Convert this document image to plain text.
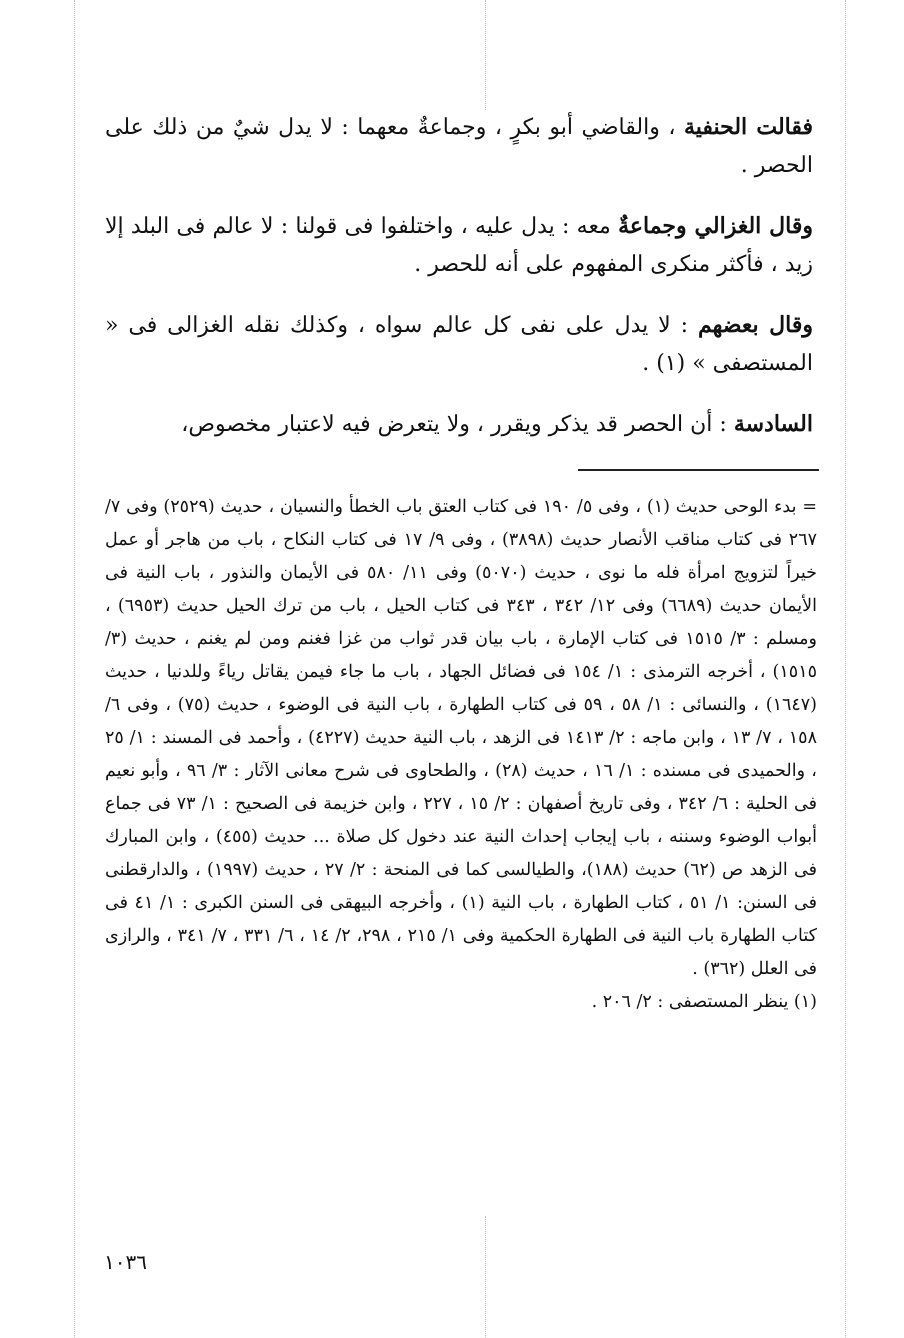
فقالت الحنفية ، والقاضي أبو بكرٍ ، وجماعةٌ معهما : لا يدل شيٌ من ذلك على الحصر .

وقال الغزالي وجماعةٌ معه : يدل عليه ، واختلفوا فى قولنا : لا عالم فى البلد إلا زيد ، فأكثر منكرى المفهوم على أنه للحصر .

وقال بعضهم : لا يدل على نفى كل عالم سواه ، وكذلك نقله الغزالى فى « المستصفى » (١) .

السادسة : أن الحصر قد يذكر ويقرر ، ولا يتعرض فيه لاعتبار مخصوص،

= بدء الوحى حديث (١) ، وفى ٥/ ١٩٠ فى كتاب العتق باب الخطأ والنسيان ، حديث (٢٥٢٩) وفى ٧/ ٢٦٧ فى كتاب مناقب الأنصار حديث (٣٨٩٨) ، وفى ٩/ ١٧ فى كتاب النكاح ، باب من هاجر أو عمل خيراً لتزويج امرأة فله ما نوى ، حديث (٥٠٧٠) وفى ١١/ ٥٨٠ فى الأيمان والنذور ، باب النية فى الأيمان حديث (٦٦٨٩) وفى ١٢/ ٣٤٢ ، ٣٤٣ فى كتاب الحيل ، باب من ترك الحيل حديث (٦٩٥٣) ، ومسلم : ٣/ ١٥١٥ فى كتاب الإمارة ، باب بيان قدر ثواب من غزا فغنم ومن لم يغنم ، حديث (٣/ ١٥١٥) ، أخرجه الترمذى : ١/ ١٥٤ فى فضائل الجهاد ، باب ما جاء فيمن يقاتل رياءً وللدنيا ، حديث (١٦٤٧) ، والنسائى : ١/ ٥٨ ، ٥٩ فى كتاب الطهارة ، باب النية فى الوضوء ، حديث (٧٥) ، وفى ٦/ ١٥٨ ، ٧/ ١٣ ، وابن ماجه : ٢/ ١٤١٣ فى الزهد ، باب النية حديث (٤٢٢٧) ، وأحمد فى المسند : ١/ ٢٥ ، والحميدى فى مسنده : ١/ ١٦ ، حديث (٢٨) ، والطحاوى فى شرح معانى الآثار : ٣/ ٩٦ ، وأبو نعيم فى الحلية : ٦/ ٣٤٢ ، وفى تاريخ أصفهان : ٢/ ١٥ ، ٢٢٧ ، وابن خزيمة فى الصحيح : ١/ ٧٣ فى جماع أبواب الوضوء وسننه ، باب إيجاب إحداث النية عند دخول كل صلاة ... حديث (٤٥٥) ، وابن المبارك فى الزهد ص (٦٢) حديث (١٨٨)، والطيالسى كما فى المنحة : ٢/ ٢٧ ، حديث (١٩٩٧) ، والدارقطنى فى السنن: ١/ ٥١ ، كتاب الطهارة ، باب النية (١) ، وأخرجه البيهقى فى السنن الكبرى : ١/ ٤١ فى كتاب الطهارة باب النية فى الطهارة الحكمية وفى ١/ ٢١٥ ، ٢٩٨، ٢/ ١٤ ، ٦/ ٣٣١ ، ٧/ ٣٤١ ، والرازى فى العلل (٣٦٢) .

(١) ينظر المستصفى : ٢/ ٢٠٦ .

١٠٣٦
